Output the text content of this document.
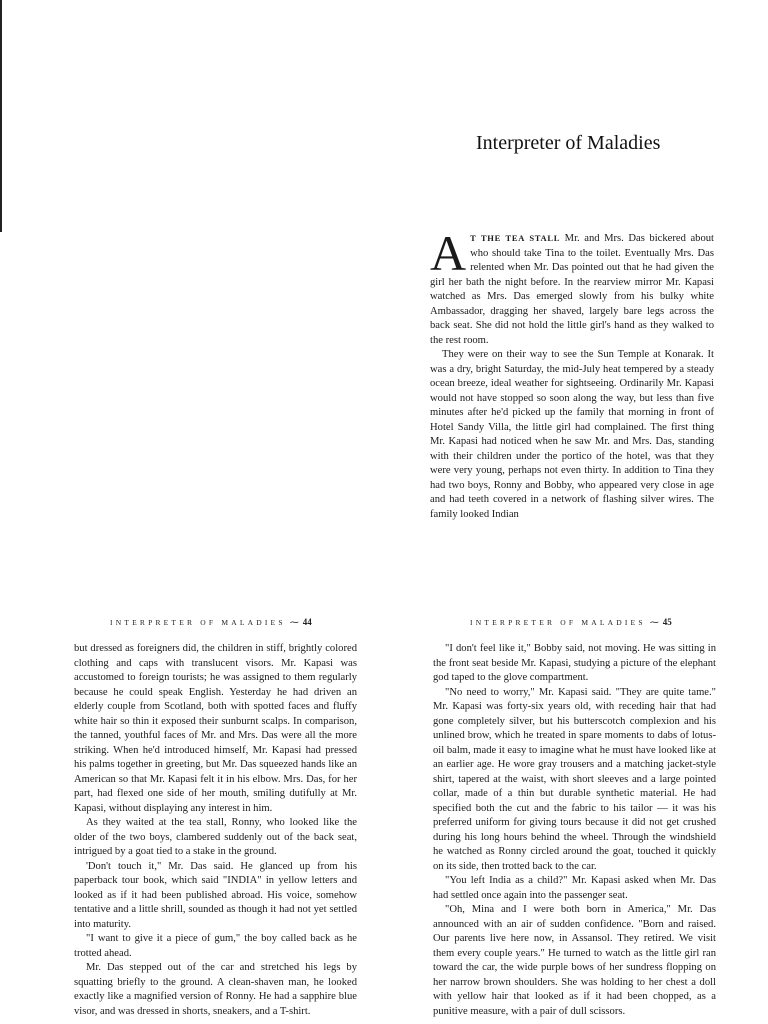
Interpreter of Maladies

A T THE TEA STALL Mr. and Mrs. Das bickered about who should take Tina to the toilet. Eventually Mrs. Das relented when Mr. Das pointed out that he had given the girl her bath the night before. In the rearview mirror Mr. Kapasi watched as Mrs. Das emerged slowly from his bulky white Ambassador, dragging her shaved, largely bare legs across the back seat. She did not hold the little girl's hand as they walked to the rest room.

They were on their way to see the Sun Temple at Konarak. It was a dry, bright Saturday, the mid-July heat tempered by a steady ocean breeze, ideal weather for sightseeing. Ordinarily Mr. Kapasi would not have stopped so soon along the way, but less than five minutes after he'd picked up the family that morning in front of Hotel Sandy Villa, the little girl had complained. The first thing Mr. Kapasi had noticed when he saw Mr. and Mrs. Das, standing with their children under the portico of the hotel, was that they were very young, perhaps not even thirty. In addition to Tina they had two boys, Ronny and Bobby, who appeared very close in age and had teeth covered in a network of flashing silver wires. The family looked Indian

INTERPRETER OF MALADIES ⁓ 44	INTERPRETER OF MALADIES ⁓ 45

but dressed as foreigners did, the children in stiff, brightly colored clothing and caps with translucent visors. Mr. Kapasi was accustomed to foreign tourists; he was assigned to them regularly because he could speak English. Yesterday he had driven an elderly couple from Scotland, both with spotted faces and fluffy white hair so thin it exposed their sunburnt scalps. In comparison, the tanned, youthful faces of Mr. and Mrs. Das were all the more striking. When he'd introduced himself, Mr. Kapasi had pressed his palms together in greeting, but Mr. Das squeezed hands like an American so that Mr. Kapasi felt it in his elbow. Mrs. Das, for her part, had flexed one side of her mouth, smiling dutifully at Mr. Kapasi, without displaying any interest in him.

As they waited at the tea stall, Ronny, who looked like the older of the two boys, clambered suddenly out of the back seat, intrigued by a goat tied to a stake in the ground.

'Don't touch it," Mr. Das said. He glanced up from his paperback tour book, which said "INDIA" in yellow letters and looked as if it had been published abroad. His voice, somehow tentative and a little shrill, sounded as though it had not yet settled into maturity.

"I want to give it a piece of gum," the boy called back as he trotted ahead.

Mr. Das stepped out of the car and stretched his legs by squatting briefly to the ground. A clean-shaven man, he looked exactly like a magnified version of Ronny. He had a sapphire blue visor, and was dressed in shorts, sneakers, and a T-shirt.

"I don't feel like it," Bobby said, not moving. He was sitting in the front seat beside Mr. Kapasi, studying a picture of the elephant god taped to the glove compartment.

"No need to worry," Mr. Kapasi said. "They are quite tame." Mr. Kapasi was forty-six years old, with receding hair that had gone completely silver, but his butterscotch complexion and his unlined brow, which he treated in spare moments to dabs of lotus-oil balm, made it easy to imagine what he must have looked like at an earlier age. He wore gray trousers and a matching jacket-style shirt, tapered at the waist, with short sleeves and a large pointed collar, made of a thin but durable synthetic material. He had specified both the cut and the fabric to his tailor — it was his preferred uniform for giving tours because it did not get crushed during his long hours behind the wheel. Through the windshield he watched as Ronny circled around the goat, touched it quickly on its side, then trotted back to the car.

"You left India as a child?" Mr. Kapasi asked when Mr. Das had settled once again into the passenger seat.

"Oh, Mina and I were both born in America," Mr. Das announced with an air of sudden confidence. "Born and raised. Our parents live here now, in Assansol. They retired. We visit them every couple years." He turned to watch as the little girl ran toward the car, the wide purple bows of her sundress flopping on her narrow brown shoulders. She was holding to her chest a doll with yellow hair that looked as if it had been chopped, as a punitive measure, with a pair of dull scissors.
